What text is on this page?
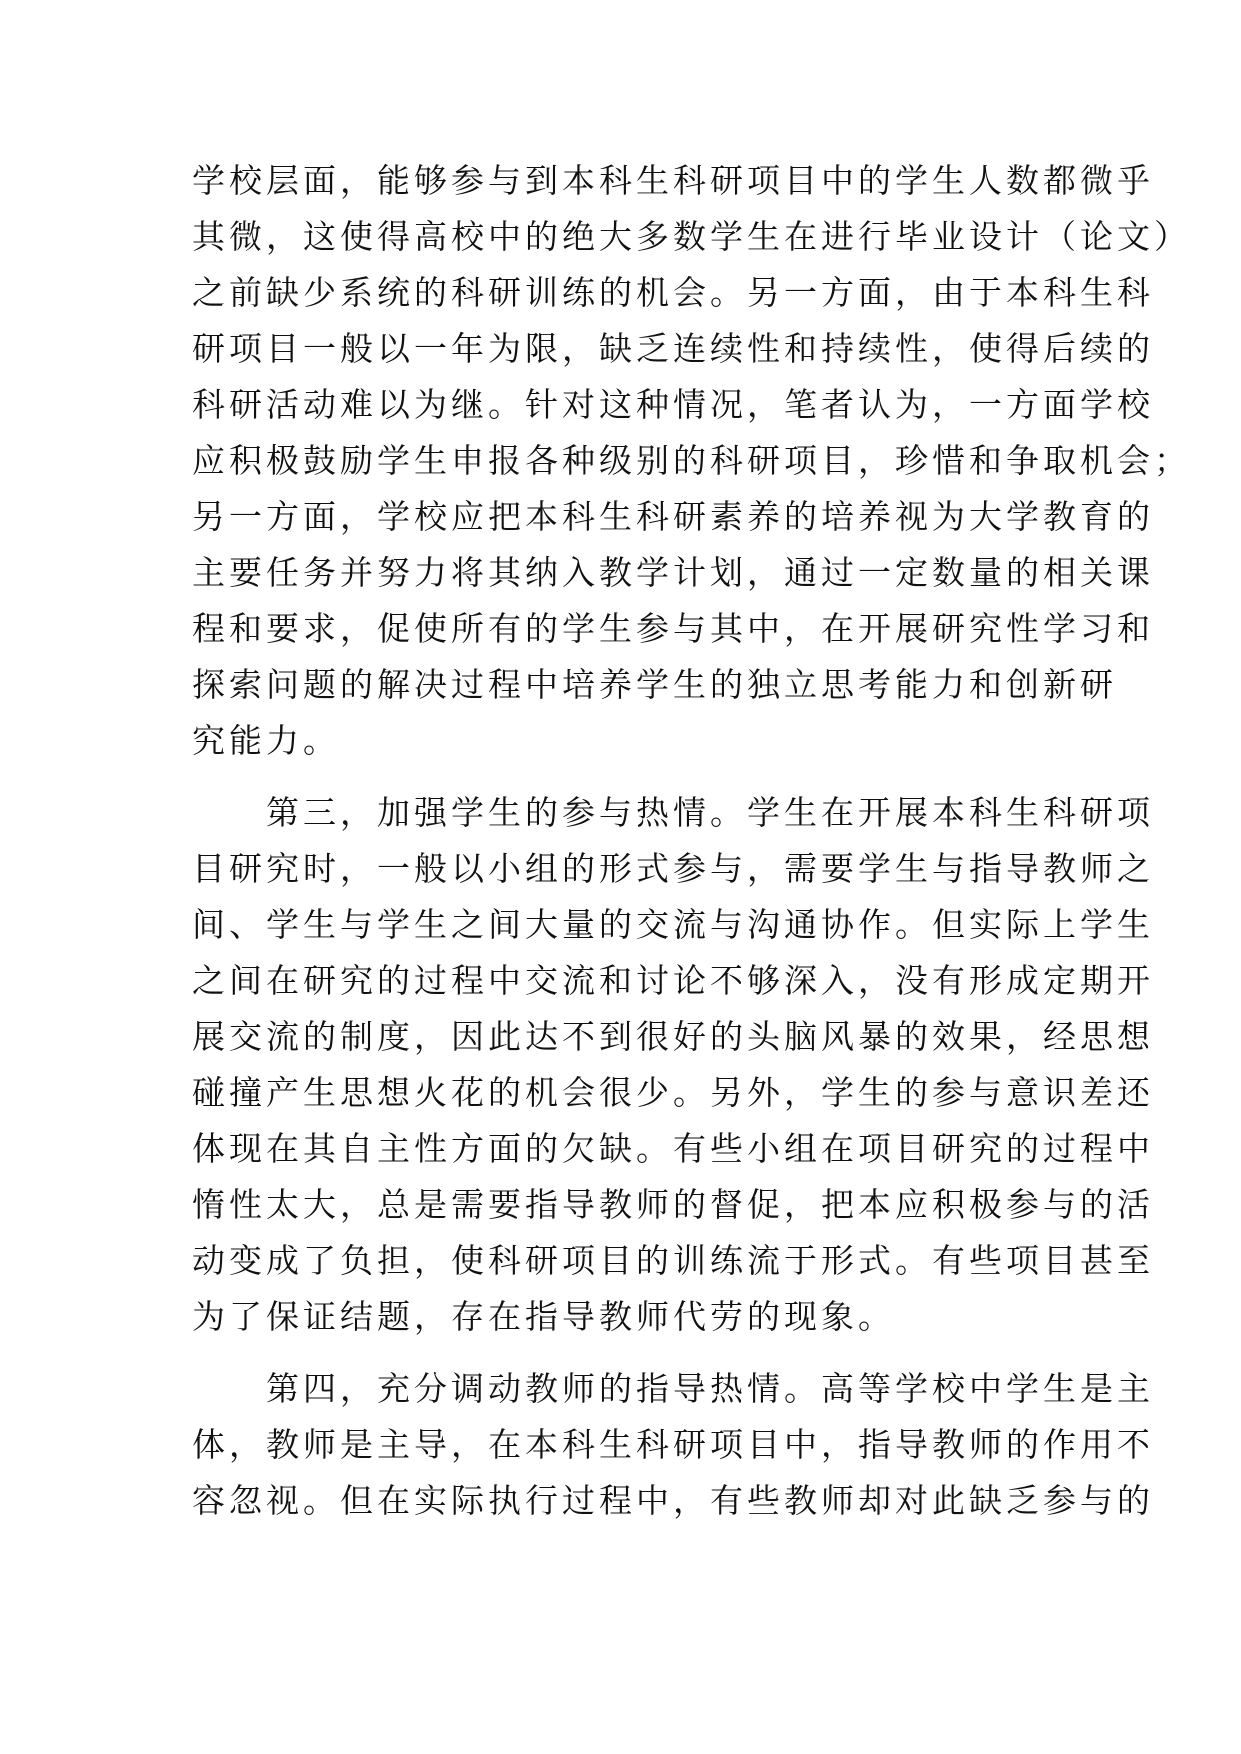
学校层面，能够参与到本科生科研项目中的学生人数都微乎
其微，这使得高校中的绝大多数学生在进行毕业设计（论文）
之前缺少系统的科研训练的机会。另一方面，由于本科生科
研项目一般以一年为限，缺乏连续性和持续性，使得后续的
科研活动难以为继。针对这种情况，笔者认为，一方面学校
应积极鼓励学生申报各种级别的科研项目，珍惜和争取机会；
另一方面，学校应把本科生科研素养的培养视为大学教育的
主要任务并努力将其纳入教学计划，通过一定数量的相关课
程和要求，促使所有的学生参与其中，在开展研究性学习和
探索问题的解决过程中培养学生的独立思考能力和创新研
究能力。
　　第三，加强学生的参与热情。学生在开展本科生科研项
目研究时，一般以小组的形式参与，需要学生与指导教师之
间、学生与学生之间大量的交流与沟通协作。但实际上学生
之间在研究的过程中交流和讨论不够深入，没有形成定期开
展交流的制度，因此达不到很好的头脑风暴的效果，经思想
碰撞产生思想火花的机会很少。另外，学生的参与意识差还
体现在其自主性方面的欠缺。有些小组在项目研究的过程中
惰性太大，总是需要指导教师的督促，把本应积极参与的活
动变成了负担，使科研项目的训练流于形式。有些项目甚至
为了保证结题，存在指导教师代劳的现象。
　　第四，充分调动教师的指导热情。高等学校中学生是主
体，教师是主导，在本科生科研项目中，指导教师的作用不
容忽视。但在实际执行过程中，有些教师却对此缺乏参与的
